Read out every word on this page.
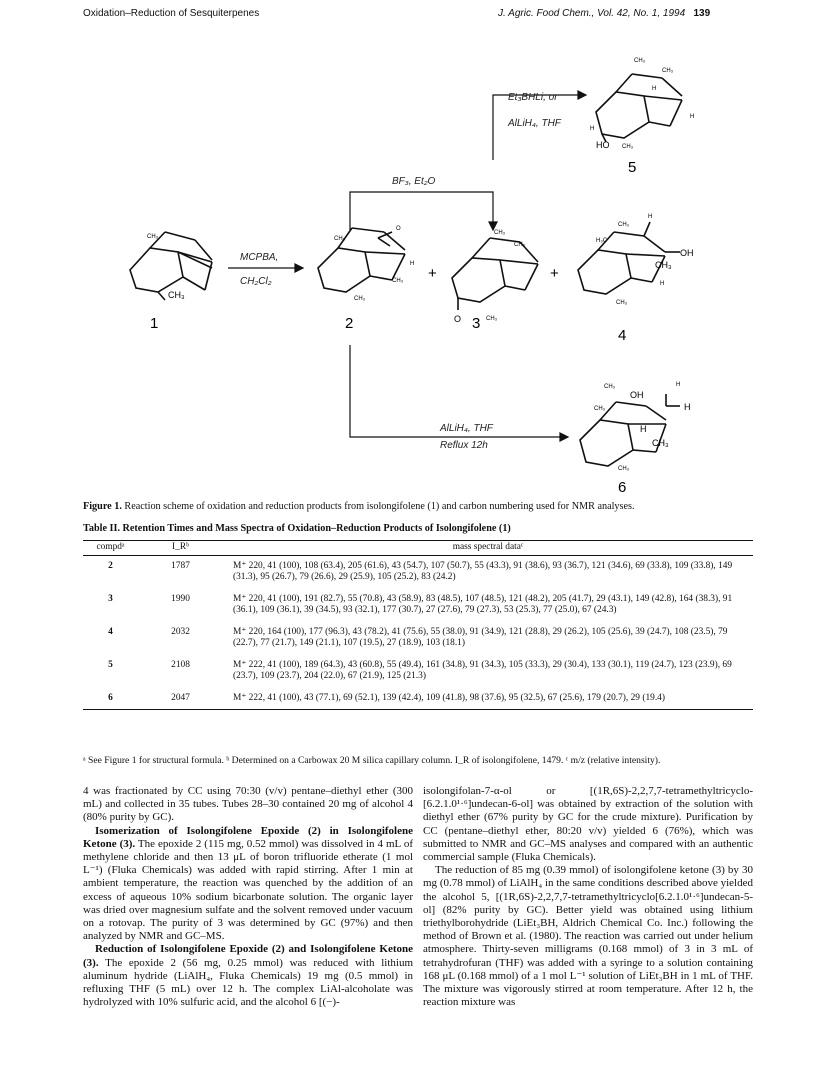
Oxidation–Reduction of Sesquiterpenes	J. Agric. Food Chem., Vol. 42, No. 1, 1994 139
CH₃
CH₃
1
MCPBA,
CH₂Cl₂
CH₃
CH₃
CH₃
H
O
2
+
CH₃
CH₃
CH₃
O 3
+
CH₃
H₃C
OH
CH₃
H
H
CH₃
4
BF₃, Et₂O
Et₃BHLi, or
AlLiH₄, THF
CH₃
CH₃
H
H
H
HO CH₃
5
AlLiH₄, THF
Reflux 12h
CH₃
CH₃
OH
H
H
H
CH₃
CH₃
6
Figure 1. Reaction scheme of oxidation and reduction products from isolongifolene (1) and carbon numbering used for NMR analyses.
Table II. Retention Times and Mass Spectra of Oxidation–Reduction Products of Isolongifolene (1)
compdᵃ	I_Rᵇ	mass spectral dataᶜ
2	1787	M⁺ 220, 41 (100), 108 (63.4), 205 (61.6), 43 (54.7), 107 (50.7), 55 (43.3), 91 (38.6), 93 (36.7), 121 (34.6), 69 (33.8), 109 (33.8), 149 (31.3), 95 (26.7), 79 (26.6), 29 (25.9), 105 (25.2), 83 (24.2)
3	1990	M⁺ 220, 41 (100), 191 (82.7), 55 (70.8), 43 (58.9), 83 (48.5), 107 (48.5), 121 (48.2), 205 (41.7), 29 (43.1), 149 (42.8), 164 (38.3), 91 (36.1), 109 (36.1), 39 (34.5), 93 (32.1), 177 (30.7), 27 (27.6), 79 (27.3), 53 (25.3), 77 (25.0), 67 (24.3)
4	2032	M⁺ 220, 164 (100), 177 (96.3), 43 (78.2), 41 (75.6), 55 (38.0), 91 (34.9), 121 (28.8), 29 (26.2), 105 (25.6), 39 (24.7), 108 (23.5), 79 (22.7), 77 (21.7), 149 (21.1), 107 (19.5), 27 (18.9), 103 (18.1)
5	2108	M⁺ 222, 41 (100), 189 (64.3), 43 (60.8), 55 (49.4), 161 (34.8), 91 (34.3), 105 (33.3), 29 (30.4), 133 (30.1), 119 (24.7), 123 (23.9), 69 (23.7), 109 (23.7), 204 (22.0), 67 (21.9), 125 (21.3)
6	2047	M⁺ 222, 41 (100), 43 (77.1), 69 (52.1), 139 (42.4), 109 (41.8), 98 (37.6), 95 (32.5), 67 (25.6), 179 (20.7), 29 (19.4)
ᵃ See Figure 1 for structural formula. ᵇ Determined on a Carbowax 20 M silica capillary column. I_R of isolongifolene, 1479. ᶜ m/z (relative intensity).

4 was fractionated by CC using 70:30 (v/v) pentane–diethyl ether (300 mL) and collected in 35 tubes. Tubes 28–30 contained 20 mg of alcohol 4 (80% purity by GC).

Isomerization of Isolongifolene Epoxide (2) in Isolongifolene Ketone (3). The epoxide 2 (115 mg, 0.52 mmol) was dissolved in 4 mL of methylene chloride and then 13 μL of boron trifluoride etherate (1 mol L⁻¹) (Fluka Chemicals) was added with rapid stirring. After 1 min at ambient temperature, the reaction was quenched by the addition of an excess of aqueous 10% sodium bicarbonate solution. The organic layer was dried over magnesium sulfate and the solvent removed under vacuum on a rotovap. The purity of 3 was determined by GC (97%) and then analyzed by NMR and GC–MS.

Reduction of Isolongifolene Epoxide (2) and Isolongifolene Ketone (3). The epoxide 2 (56 mg, 0.25 mmol) was reduced with lithium aluminum hydride (LiAlH₄, Fluka Chemicals) 19 mg (0.5 mmol) in refluxing THF (5 mL) over 12 h. The complex LiAl-alcoholate was hydrolyzed with 10% sulfuric acid, and the alcohol 6 [(−)-

isolongifolan-7-α-ol or [(1R,6S)-2,2,7,7-tetramethyltricyclo-[6.2.1.0¹·⁶]undecan-6-ol] was obtained by extraction of the solution with diethyl ether (67% purity by GC for the crude mixture). Purification by CC (pentane–diethyl ether, 80:20 v/v) yielded 6 (76%), which was submitted to NMR and GC–MS analyses and compared with an authentic commercial sample (Fluka Chemicals).

The reduction of 85 mg (0.39 mmol) of isolongifolene ketone (3) by 30 mg (0.78 mmol) of LiAlH₄ in the same conditions described above yielded the alcohol 5, [(1R,6S)-2,2,7,7-tetramethyltricyclo[6.2.1.0¹·⁶]undecan-5-ol] (82% purity by GC). Better yield was obtained using lithium triethylborohydride (LiEt₃BH, Aldrich Chemical Co. Inc.) following the method of Brown et al. (1980). The reaction was carried out under helium atmosphere. Thirty-seven milligrams (0.168 mmol) of 3 in 3 mL of tetrahydrofuran (THF) was added with a syringe to a solution containing 168 μL (0.168 mmol) of a 1 mol L⁻¹ solution of LiEt₃BH in 1 mL of THF. The mixture was vigorously stirred at room temperature. After 12 h, the reaction mixture was
